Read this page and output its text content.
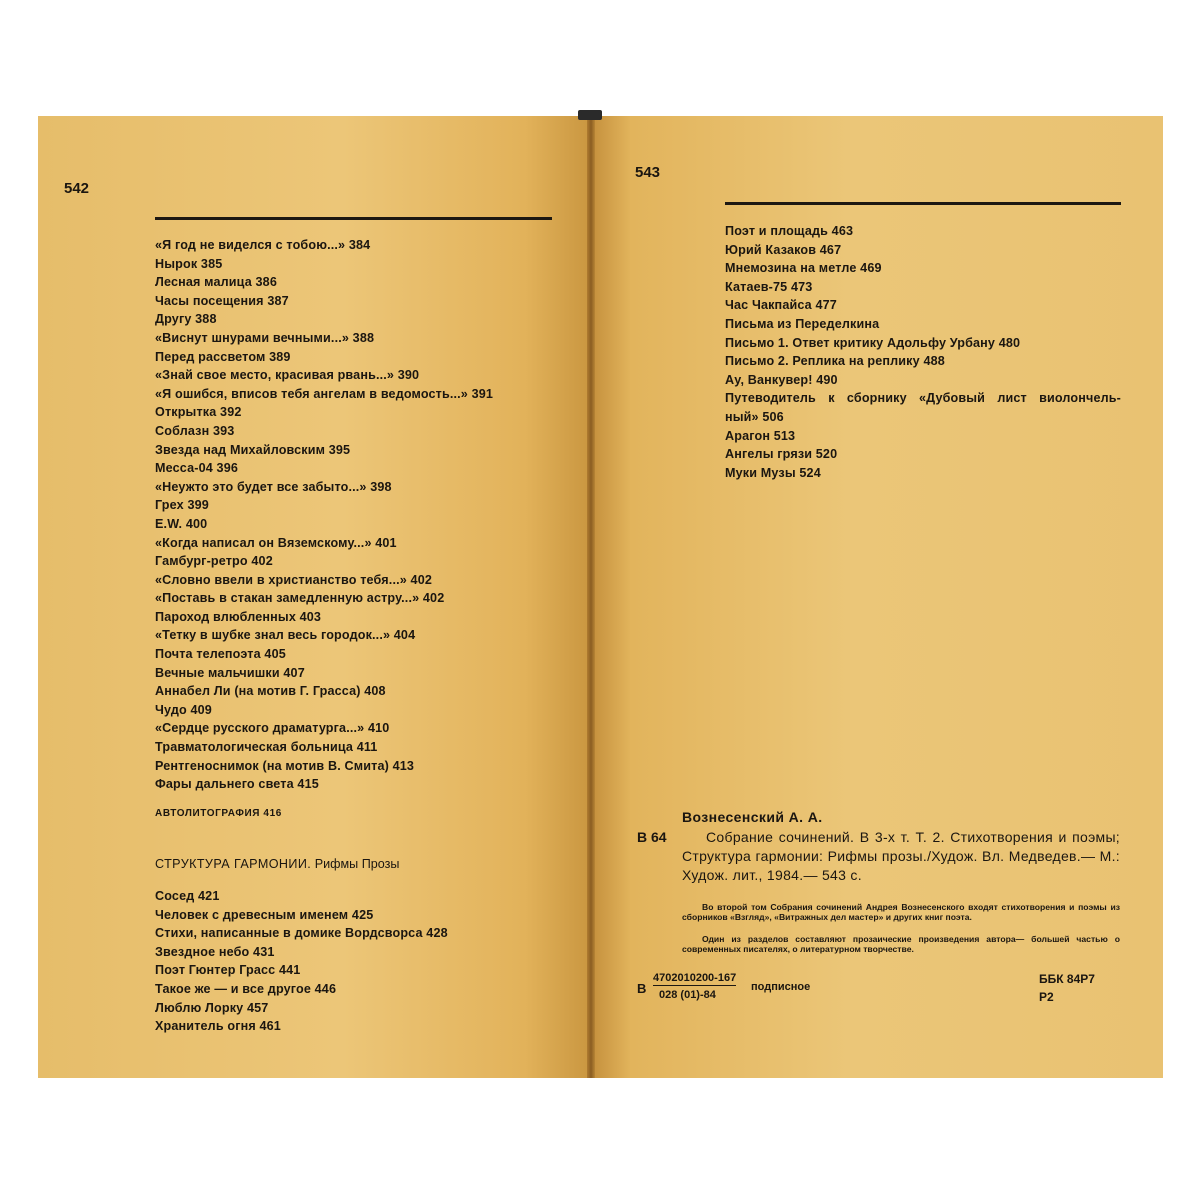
542
«Я год не виделся с тобою...» 384
Нырок 385
Лесная малица 386
Часы посещения 387
Другу 388
«Виснут шнурами вечными...» 388
Перед рассветом 389
«Знай свое место, красивая рвань...» 390
«Я ошибся, вписов тебя ангелам в ведомость...» 391
Открытка 392
Соблазн 393
Звезда над Михайловским 395
Месса-04 396
«Неужто это будет все забыто...» 398
Грех 399
E.W. 400
«Когда написал он Вяземскому...» 401
Гамбург-ретро 402
«Словно ввели в христианство тебя...» 402
«Поставь в стакан замедленную астру...» 402
Пароход влюбленных 403
«Тетку в шубке знал весь городок...» 404
Почта телепоэта 405
Вечные мальчишки 407
Аннабел Ли (на мотив Г. Грасса) 408
Чудо 409
«Сердце русского драматурга...» 410
Травматологическая больница 411
Рентгеноснимок (на мотив В. Смита) 413
Фары дальнего света 415
АВТОЛИТОГРАФИЯ 416
СТРУКТУРА ГАРМОНИИ. Рифмы Прозы
Сосед 421
Человек с древесным именем 425
Стихи, написанные в домике Вордсворса 428
Звездное небо 431
Поэт Гюнтер Грасс 441
Такое же — и все другое 446
Люблю Лорку 457
Хранитель огня 461
543
Поэт и площадь 463
Юрий Казаков 467
Мнемозина на метле 469
Катаев-75 473
Час Чакпайса 477
Письма из Переделкина
Письмо 1. Ответ критику Адольфу Урбану 480
Письмо 2. Реплика на реплику 488
Ау, Ванкувер! 490
Путеводитель к сборнику «Дубовый лист виолончель-
ный» 506
Арагон 513
Ангелы грязи 520
Муки Музы 524
Вознесенский А. А.
В 64	Собрание сочинений. В 3-х т. Т. 2. Стихотворения и поэмы; Структура гармонии: Рифмы прозы./Худож. Вл. Медведев.— М.: Худож. лит., 1984.— 543 с.

Во второй том Собрания сочинений Андрея Вознесенского входят стихотворения и поэмы из сборников «Взгляд», «Витражных дел мастер» и других книг поэта.

Один из разделов составляют прозаические произведения автора— большей частью о современных писателях, о литературном творчестве.

В
4702010200-167
028 (01)-84
подписное
ББК 84Р7
Р2
